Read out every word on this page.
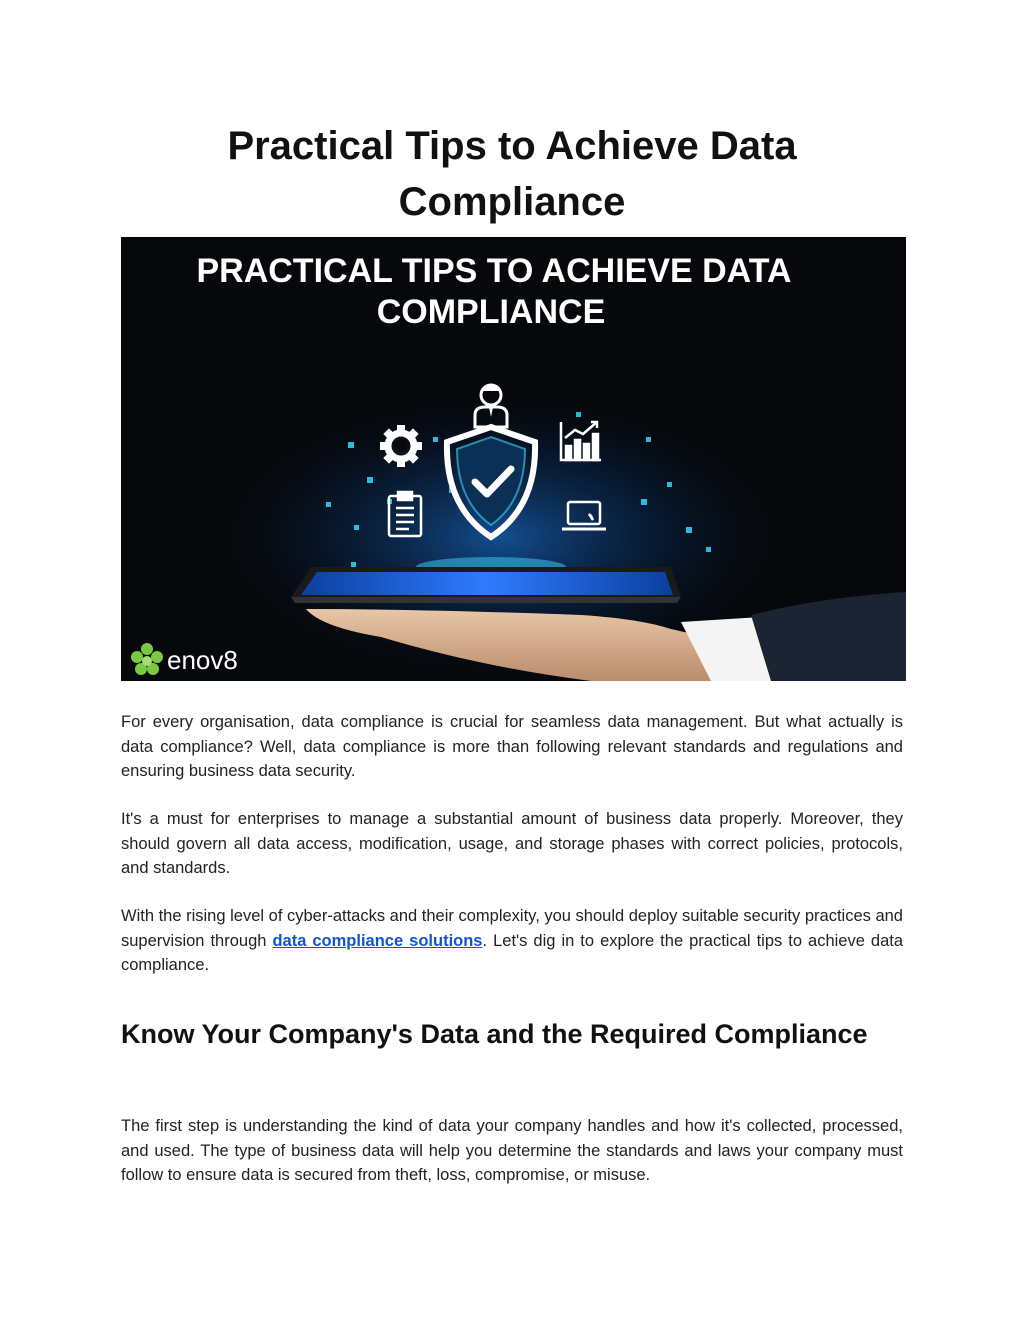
Practical Tips to Achieve Data Compliance
PRACTICAL TIPS TO ACHIEVE DATA
COMPLIANCE
enov8

For every organisation, data compliance is crucial for seamless data management. But what actually is data compliance? Well, data compliance is more than following relevant standards and regulations and ensuring business data security.

It's a must for enterprises to manage a substantial amount of business data properly. Moreover, they should govern all data access, modification, usage, and storage phases with correct policies, protocols, and standards.

With the rising level of cyber-attacks and their complexity, you should deploy suitable security practices and supervision through data compliance solutions. Let's dig in to explore the practical tips to achieve data compliance.

Know Your Company's Data and the Required Compliance

The first step is understanding the kind of data your company handles and how it's collected, processed, and used. The type of business data will help you determine the standards and laws your company must follow to ensure data is secured from theft, loss, compromise, or misuse.
